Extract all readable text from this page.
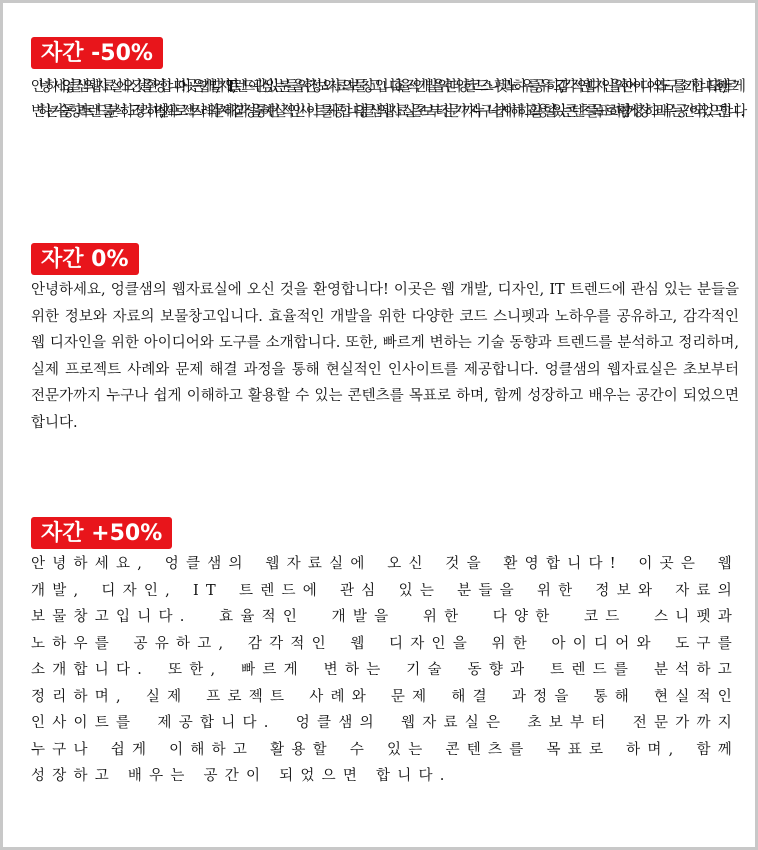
자간 -50%

안녕하세요, 엉클샘의 웹자료실에 오신 것을 환영합니다! 이곳은 웹 개발, 디자인, IT 트렌드에 관심 있는 분들을 위한 정보와 자료의 보물창고입니다. 효율적인 개발을 위한 다양한 코드 스니펫과 노하우를 공유하고, 감각적인 웹 디자인을 위한 아이디어와 도구를 소개합니다. 또한, 빠르게 변하는 기술 동향과 트렌드를 분석하고 정리하며, 실제 프로젝트 사례와 문제 해결 과정을 통해 현실적인 인사이트를 제공합니다. 엉클샘의 웹자료실은 초보부터 전문가까지 누구나 쉽게 이해하고 활용할 수 있는 콘텐츠를 목표로 하며, 함께 성장하고 배우는 공간이 되었으면 합니다.

자간 0%

안녕하세요, 엉클샘의 웹자료실에 오신 것을 환영합니다! 이곳은 웹 개발, 디자인, IT 트렌드에 관심 있는 분들을 위한 정보와 자료의 보물창고입니다. 효율적인 개발을 위한 다양한 코드 스니펫과 노하우를 공유하고, 감각적인 웹 디자인을 위한 아이디어와 도구를 소개합니다. 또한, 빠르게 변하는 기술 동향과 트렌드를 분석하고 정리하며, 실제 프로젝트 사례와 문제 해결 과정을 통해 현실적인 인사이트를 제공합니다. 엉클샘의 웹자료실은 초보부터 전문가까지 누구나 쉽게 이해하고 활용할 수 있는 콘텐츠를 목표로 하며, 함께 성장하고 배우는 공간이 되었으면 합니다.

자간 +50%

안녕하세요, 엉클샘의 웹자료실에 오신 것을 환영합니다! 이곳은 웹 개발, 디자인, IT 트렌드에 관심 있는 분들을 위한 정보와 자료의 보물창고입니다. 효율적인 개발을 위한 다양한 코드 스니펫과 노하우를 공유하고, 감각적인 웹 디자인을 위한 아이디어와 도구를 소개합니다. 또한, 빠르게 변하는 기술 동향과 트렌드를 분석하고 정리하며, 실제 프로젝트 사례와 문제 해결 과정을 통해 현실적인 인사이트를 제공합니다. 엉클샘의 웹자료실은 초보부터 전문가까지 누구나 쉽게 이해하고 활용할 수 있는 콘텐츠를 목표로 하며, 함께 성장하고 배우는 공간이 되었으면 합니다.
